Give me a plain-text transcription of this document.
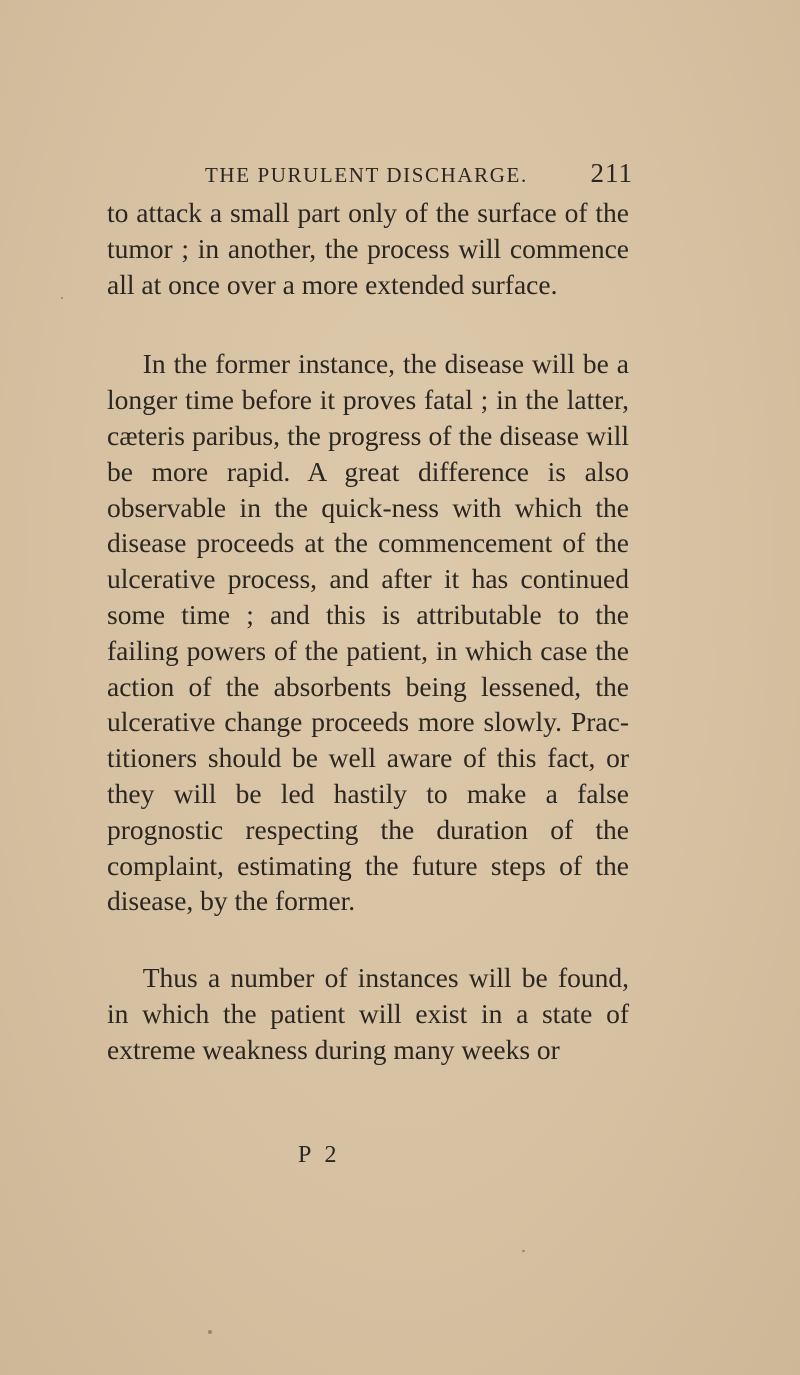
THE PURULENT DISCHARGE. 211

to attack a small part only of the surface of the tumor ; in another, the process will commence all at once over a more extended surface.

In the former instance, the disease will be a longer time before it proves fatal ; in the latter, cæteris paribus, the progress of the disease will be more rapid. A great difference is also observable in the quick-ness with which the disease proceeds at the commencement of the ulcerative process, and after it has continued some time ; and this is attributable to the failing powers of the patient, in which case the action of the absorbents being lessened, the ulcerative change proceeds more slowly. Prac-titioners should be well aware of this fact, or they will be led hastily to make a false prognostic respecting the duration of the complaint, estimating the future steps of the disease, by the former.

Thus a number of instances will be found, in which the patient will exist in a state of extreme weakness during many weeks or

P 2
